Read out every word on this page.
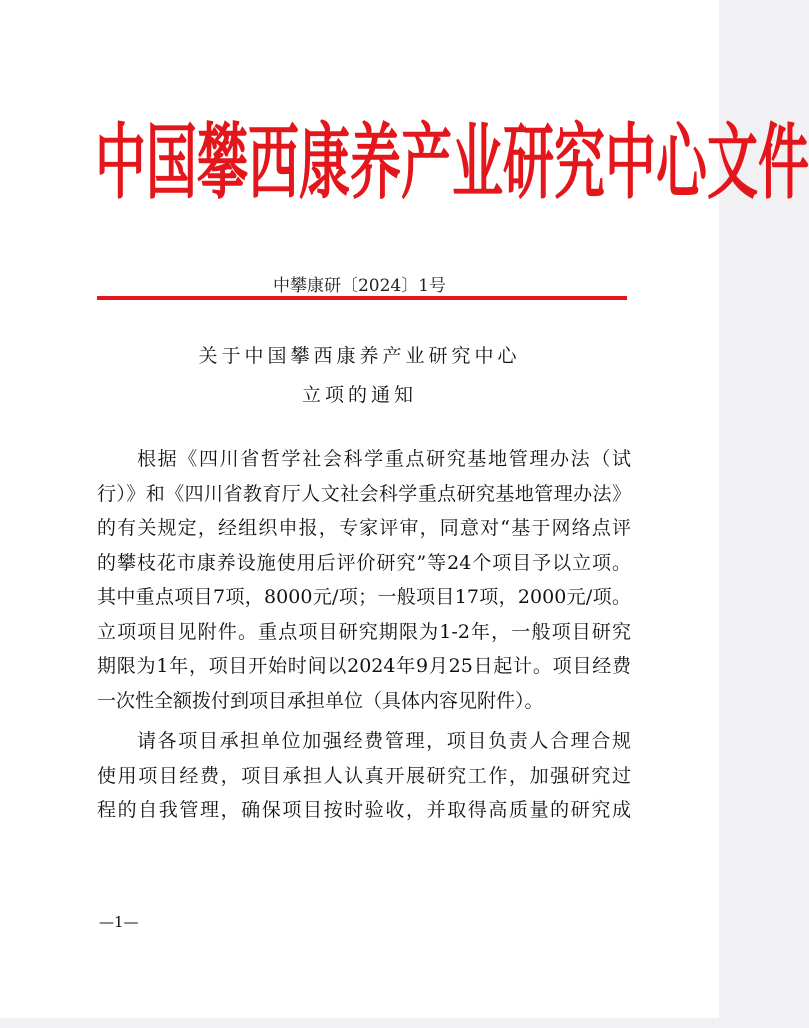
中国攀西康养产业研究中心文件
中攀康研〔2024〕1号
关于中国攀西康养产业研究中心
立项的通知
根据《四川省哲学社会科学重点研究基地管理办法（试
行）》和《四川省教育厅人文社会科学重点研究基地管理办法》
的有关规定，经组织申报，专家评审，同意对“基于网络点评
的攀枝花市康养设施使用后评价研究”等24个项目予以立项。
其中重点项目7项，8000元/项；一般项目17项，2000元/项。
立项项目见附件。重点项目研究期限为1-2年，一般项目研究
期限为1年，项目开始时间以2024年9月25日起计。项目经费
一次性全额拨付到项目承担单位（具体内容见附件）。
请各项目承担单位加强经费管理，项目负责人合理合规
使用项目经费，项目承担人认真开展研究工作，加强研究过
程的自我管理，确保项目按时验收，并取得高质量的研究成
—1—
